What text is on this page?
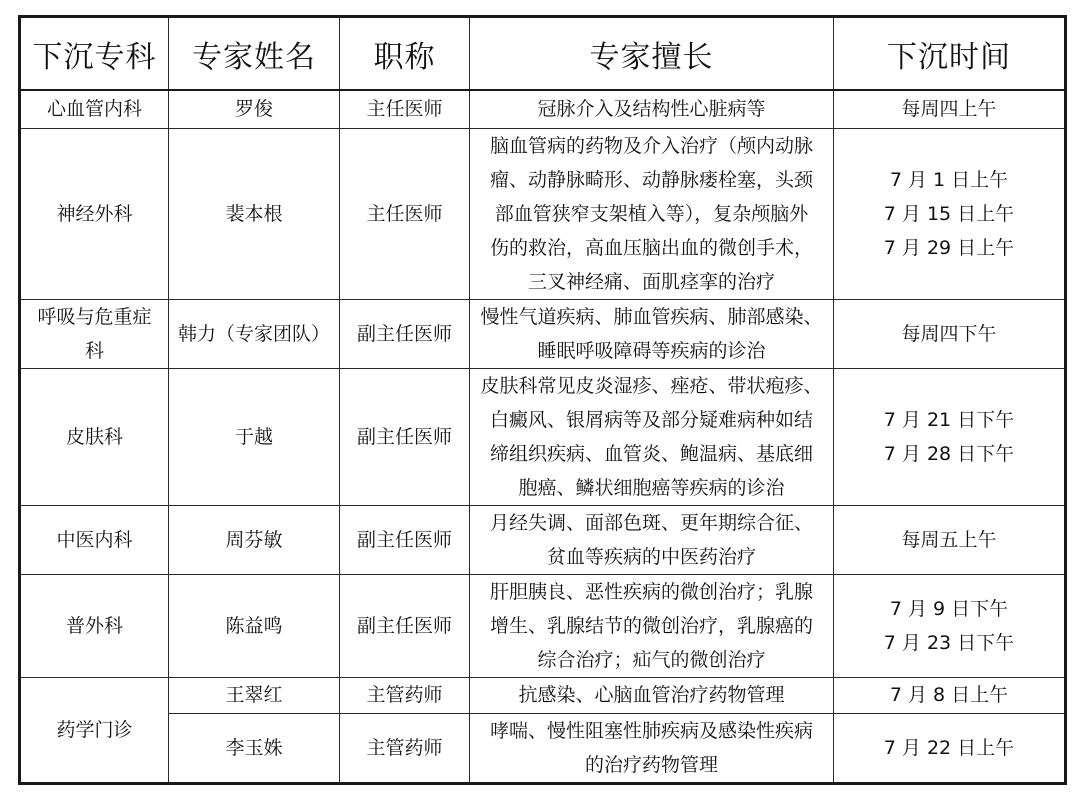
下沉专科	专家姓名	职称	专家擅长	下沉时间

心血管内科	罗俊	主任医师	冠脉介入及结构性心脏病等	每周四上午

神经外科	裴本根	主任医师	脑血管病的药物及介入治疗（颅内动脉
瘤、动静脉畸形、动静脉瘘栓塞，头颈
部血管狭窄支架植入等），复杂颅脑外
伤的救治，高血压脑出血的微创手术，
三叉神经痛、面肌痉挛的治疗	7 月 1 日上午
7 月 15 日上午
7 月 29 日上午

呼吸与危重症
科	韩力（专家团队）	副主任医师	慢性气道疾病、肺血管疾病、肺部感染、
睡眠呼吸障碍等疾病的诊治	每周四下午

皮肤科	于越	副主任医师	皮肤科常见皮炎湿疹、痤疮、带状疱疹、
白癜风、银屑病等及部分疑难病种如结
缔组织疾病、血管炎、鲍温病、基底细
胞癌、鳞状细胞癌等疾病的诊治	7 月 21 日下午
7 月 28 日下午

中医内科	周芬敏	副主任医师	月经失调、面部色斑、更年期综合征、
贫血等疾病的中医药治疗	每周五上午

普外科	陈益鸣	副主任医师	肝胆胰良、恶性疾病的微创治疗；乳腺
增生、乳腺结节的微创治疗，乳腺癌的
综合治疗；疝气的微创治疗	7 月 9 日下午
7 月 23 日下午

药学门诊	王翠红	主管药师	抗感染、心脑血管治疗药物管理	7 月 8 日上午

	李玉姝	主管药师	哮喘、慢性阻塞性肺疾病及感染性疾病
的治疗药物管理	7 月 22 日上午
